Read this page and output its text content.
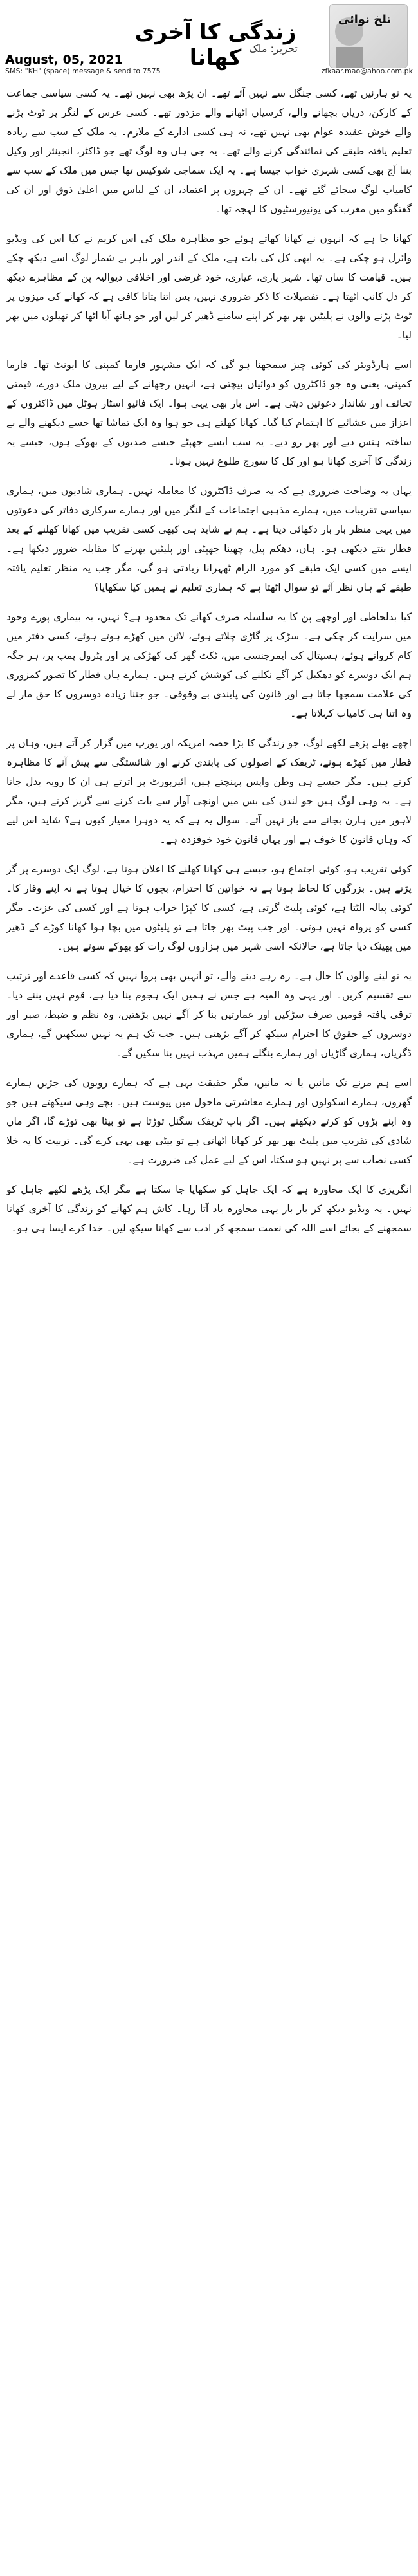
تلخ نوائی
زندگی کا آخری کھانا تحریر: ملک
August, 05, 2021
SMS: "KH" (space) message & send to 7575	zfkaar.mao@ahoo.com.pk

یہ تو ہارنیں تھے، کسی جنگل سے نہیں آئے تھے۔ ان پڑھ بھی نہیں تھے۔ یہ کسی سیاسی جماعت کے کارکن، دریاں بچھانے والے، کرسیاں اٹھانے والے مزدور تھے۔ کسی عرس کے لنگر پر ٹوٹ پڑنے والے خوش عقیدہ عوام بھی نہیں تھے، نہ ہی کسی ادارے کے ملازم۔ یہ ملک کے سب سے زیادہ تعلیم یافتہ طبقے کی نمائندگی کرنے والے تھے۔ یہ جی ہاں وہ لوگ تھے جو ڈاکٹر، انجینئر اور وکیل بننا آج بھی کسی شہری خواب جیسا ہے۔ یہ ایک سماجی شوکیس تھا جس میں ملک کے سب سے کامیاب لوگ سجائے گئے تھے۔ ان کے چہروں پر اعتماد، ان کے لباس میں اعلیٰ ذوق اور ان کی گفتگو میں مغرب کی یونیورسٹیوں کا لہجہ تھا۔

کھانا جا ہے کہ انہوں نے کھانا کھاتے ہوئے جو مظاہرہ ملک کی اس کریم نے کیا اس کی ویڈیو وائرل ہو چکی ہے۔ یہ ابھی کل کی بات ہے، ملک کے اندر اور باہر بے شمار لوگ اسے دیکھ چکے ہیں۔ قیامت کا ساں تھا۔ شہر یاری، عیاری، خود غرضی اور اخلاقی دیوالیہ پن کے مظاہرے دیکھ کر دل کانپ اٹھتا ہے۔ تفصیلات کا ذکر ضروری نہیں، بس اتنا بتانا کافی ہے کہ کھانے کی میزوں پر ٹوٹ پڑنے والوں نے پلیٹیں بھر بھر کر اپنے سامنے ڈھیر کر لیں اور جو ہاتھ آیا اٹھا کر تھیلوں میں بھر لیا۔

اسے ہارڈویئر کی کوئی چیز سمجھنا ہو گی کہ ایک مشہور فارما کمپنی کا ایونٹ تھا۔ فارما کمپنی، یعنی وہ جو ڈاکٹروں کو دوائیاں بیچتی ہے، انہیں رجھانے کے لیے بیرون ملک دورے، قیمتی تحائف اور شاندار دعوتیں دیتی ہے۔ اس بار بھی یہی ہوا۔ ایک فائیو اسٹار ہوٹل میں ڈاکٹروں کے اعزاز میں عشائیے کا اہتمام کیا گیا۔ کھانا کھلتے ہی جو ہوا وہ ایک تماشا تھا جسے دیکھنے والے بے ساختہ ہنس دیے اور پھر رو دیے۔ یہ سب ایسے جھپٹے جیسے صدیوں کے بھوکے ہوں، جیسے یہ زندگی کا آخری کھانا ہو اور کل کا سورج طلوع نہیں ہونا۔

یہاں یہ وضاحت ضروری ہے کہ یہ صرف ڈاکٹروں کا معاملہ نہیں۔ ہماری شادیوں میں، ہماری سیاسی تقریبات میں، ہمارے مذہبی اجتماعات کے لنگر میں اور ہمارے سرکاری دفاتر کی دعوتوں میں یہی منظر بار بار دکھائی دیتا ہے۔ ہم نے شاید ہی کبھی کسی تقریب میں کھانا کھلنے کے بعد قطار بنتے دیکھی ہو۔ ہاں، دھکم پیل، چھینا جھپٹی اور پلیٹیں بھرنے کا مقابلہ ضرور دیکھا ہے۔ ایسے میں کسی ایک طبقے کو مورد الزام ٹھہرانا زیادتی ہو گی، مگر جب یہ منظر تعلیم یافتہ طبقے کے ہاں نظر آئے تو سوال اٹھتا ہے کہ ہماری تعلیم نے ہمیں کیا سکھایا؟

کیا بدلحاظی اور اوچھے پن کا یہ سلسلہ صرف کھانے تک محدود ہے؟ نہیں، یہ بیماری پورے وجود میں سرایت کر چکی ہے۔ سڑک پر گاڑی چلاتے ہوئے، لائن میں کھڑے ہوتے ہوئے، کسی دفتر میں کام کرواتے ہوئے، ہسپتال کی ایمرجنسی میں، ٹکٹ گھر کی کھڑکی پر اور پٹرول پمپ پر، ہر جگہ ہم ایک دوسرے کو دھکیل کر آگے نکلنے کی کوشش کرتے ہیں۔ ہمارے ہاں قطار کا تصور کمزوری کی علامت سمجھا جاتا ہے اور قانون کی پابندی بے وقوفی۔ جو جتنا زیادہ دوسروں کا حق مار لے وہ اتنا ہی کامیاب کہلاتا ہے۔

اچھے بھلے پڑھے لکھے لوگ، جو زندگی کا بڑا حصہ امریکہ اور یورپ میں گزار کر آتے ہیں، وہاں پر قطار میں کھڑے ہونے، ٹریفک کے اصولوں کی پابندی کرنے اور شائستگی سے پیش آنے کا مظاہرہ کرتے ہیں۔ مگر جیسے ہی وطن واپس پہنچتے ہیں، ائیرپورٹ پر اترتے ہی ان کا رویہ بدل جاتا ہے۔ یہ وہی لوگ ہیں جو لندن کی بس میں اونچی آواز سے بات کرنے سے گریز کرتے ہیں، مگر لاہور میں ہارن بجانے سے باز نہیں آتے۔ سوال یہ ہے کہ یہ دوہرا معیار کیوں ہے؟ شاید اس لیے کہ وہاں قانون کا خوف ہے اور یہاں قانون خود خوفزدہ ہے۔

کوئی تقریب ہو، کوئی اجتماع ہو، جیسے ہی کھانا کھلنے کا اعلان ہوتا ہے، لوگ ایک دوسرے پر گر پڑتے ہیں۔ بزرگوں کا لحاظ ہوتا ہے نہ خواتین کا احترام، بچوں کا خیال ہوتا ہے نہ اپنے وقار کا۔ کوئی پیالہ الٹتا ہے، کوئی پلیٹ گرتی ہے، کسی کا کپڑا خراب ہوتا ہے اور کسی کی عزت۔ مگر کسی کو پرواہ نہیں ہوتی۔ اور جب پیٹ بھر جاتا ہے تو پلیٹوں میں بچا ہوا کھانا کوڑے کے ڈھیر میں پھینک دیا جاتا ہے، حالانکہ اسی شہر میں ہزاروں لوگ رات کو بھوکے سوتے ہیں۔

یہ تو لینے والوں کا حال ہے۔ رہ رہے دینے والے، تو انہیں بھی پروا نہیں کہ کسی قاعدے اور ترتیب سے تقسیم کریں۔ اور یہی وہ المیہ ہے جس نے ہمیں ایک ہجوم بنا دیا ہے، قوم نہیں بننے دیا۔ ترقی یافتہ قومیں صرف سڑکیں اور عمارتیں بنا کر آگے نہیں بڑھتیں، وہ نظم و ضبط، صبر اور دوسروں کے حقوق کا احترام سیکھ کر آگے بڑھتی ہیں۔ جب تک ہم یہ نہیں سیکھیں گے، ہماری ڈگریاں، ہماری گاڑیاں اور ہمارے بنگلے ہمیں مہذب نہیں بنا سکیں گے۔

اسے ہم مرنے تک مانیں یا نہ مانیں، مگر حقیقت یہی ہے کہ ہمارے رویوں کی جڑیں ہمارے گھروں، ہمارے اسکولوں اور ہمارے معاشرتی ماحول میں پیوست ہیں۔ بچے وہی سیکھتے ہیں جو وہ اپنے بڑوں کو کرتے دیکھتے ہیں۔ اگر باپ ٹریفک سگنل توڑتا ہے تو بیٹا بھی توڑے گا، اگر ماں شادی کی تقریب میں پلیٹ بھر بھر کر کھانا اٹھاتی ہے تو بیٹی بھی یہی کرے گی۔ تربیت کا یہ خلا کسی نصاب سے پر نہیں ہو سکتا، اس کے لیے عمل کی ضرورت ہے۔

انگریزی کا ایک محاورہ ہے کہ ایک جاہل کو سکھایا جا سکتا ہے مگر ایک پڑھے لکھے جاہل کو نہیں۔ یہ ویڈیو دیکھ کر بار بار یہی محاورہ یاد آتا رہا۔ کاش ہم کھانے کو زندگی کا آخری کھانا سمجھنے کے بجائے اسے اللہ کی نعمت سمجھ کر ادب سے کھانا سیکھ لیں۔ خدا کرے ایسا ہی ہو۔
